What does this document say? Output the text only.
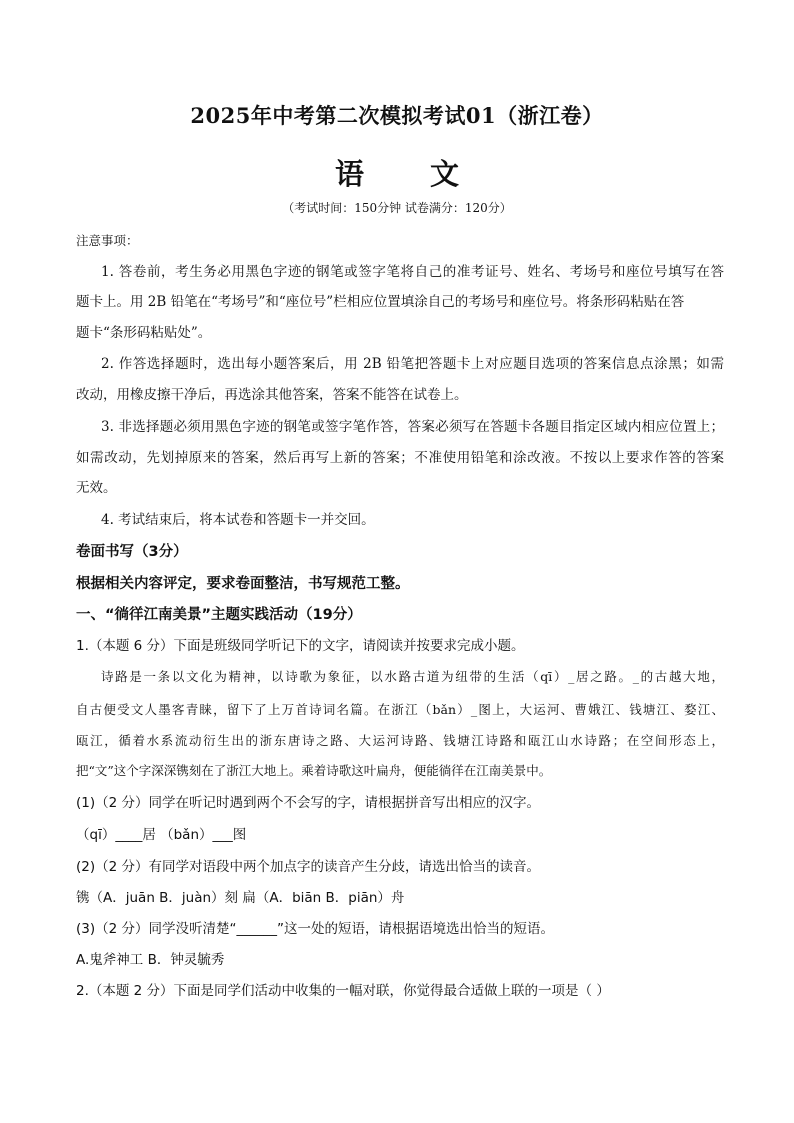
2025年中考第二次模拟考试01（浙江卷）
语 文
（考试时间：150分钟 试卷满分：120分）
注意事项：
1. 答卷前，考生务必用黑色字迹的钢笔或签字笔将自己的准考证号、姓名、考场号和座位号填写在答
题卡上。用 2B 铅笔在“考场号”和“座位号”栏相应位置填涂自己的考场号和座位号。将条形码粘贴在答
题卡“条形码粘贴处”。
2. 作答选择题时，选出每小题答案后，用 2B 铅笔把答题卡上对应题目选项的答案信息点涂黑；如需
改动，用橡皮擦干净后，再选涂其他答案，答案不能答在试卷上。
3. 非选择题必须用黑色字迹的钢笔或签字笔作答，答案必须写在答题卡各题目指定区域内相应位置上；
如需改动，先划掉原来的答案，然后再写上新的答案；不准使用铅笔和涂改液。不按以上要求作答的答案
无效。
4. 考试结束后，将本试卷和答题卡一并交回。
卷面书写（3分）
根据相关内容评定，要求卷面整洁，书写规范工整。
一、“徜徉江南美景”主题实践活动（19分）
1.（本题 6 分）下面是班级同学听记下的文字，请阅读并按要求完成小题。
诗路是一条以文化为精神，以诗歌为象征，以水路古道为纽带的生活（qī）_居之路。_的古越大地，
自古便受文人墨客青睐，留下了上万首诗词名篇。在浙江（bǎn）_图上，大运河、曹娥江、钱塘江、婺江、
瓯江，循着水系流动衍生出的浙东唐诗之路、大运河诗路、钱塘江诗路和瓯江山水诗路；在空间形态上，
把“文”这个字深深镌刻在了浙江大地上。乘着诗歌这叶扁舟，便能徜徉在江南美景中。
(1)（2 分）同学在听记时遇到两个不会写的字，请根据拼音写出相应的汉字。
（qī）____居 （bǎn）___图
(2)（2 分）有同学对语段中两个加点字的读音产生分歧，请选出恰当的读音。
镌（A．juān B．juàn）刻 扁（A．biān B．piān）舟
(3)（2 分）同学没听清楚“______”这一处的短语，请根据语境选出恰当的短语。
A.鬼斧神工 B．钟灵毓秀
2.（本题 2 分）下面是同学们活动中收集的一幅对联，你觉得最合适做上联的一项是（ ）
